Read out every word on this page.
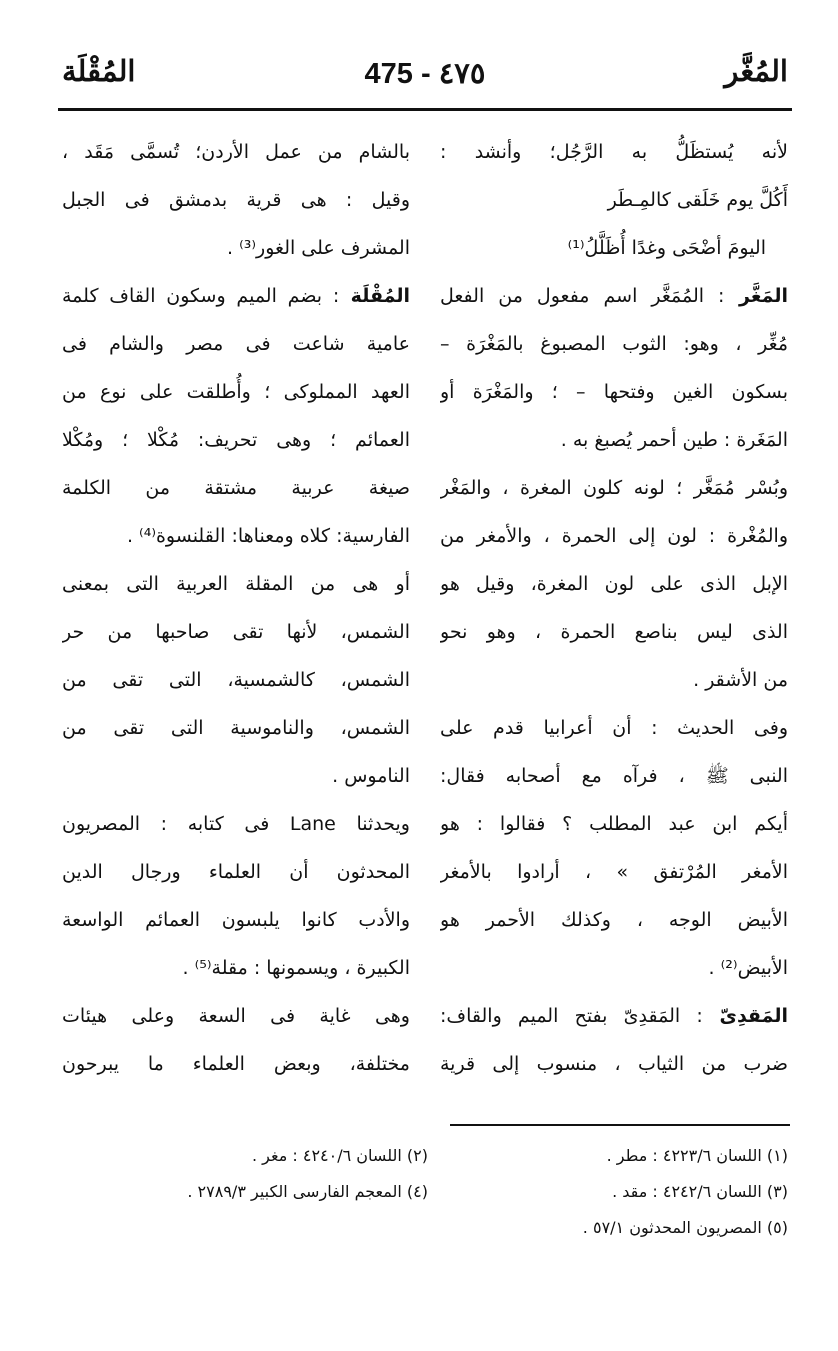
المُغَّر
475 - ٤٧٥
المُقْلَة
لأنه يُستظَلُّ به الرَّجُل؛ وأنشد :
أَكُلَّ يوم خَلَقى كالمِـطَر
اليومَ أضْحَى وغدًا أُظَلَّلُ⁽¹⁾
المَغَّر : المُمَغَّر اسم مفعول من الفعل
مُغِّر ، وهو: الثوب المصبوغ بالمَغْرَة –
بسكون الغين وفتحها – ؛ والمَغْرَة أو
المَغَرة : طين أحمر يُصبغ به .
وبُسْر مُمَغَّر ؛ لونه كلون المغرة ، والمَغْر
والمُغْرة : لون إلى الحمرة ، والأمغر من
الإبل الذى على لون المغرة، وقيل هو
الذى ليس بناصع الحمرة ، وهو نحو
من الأشقر .
وفى الحديث : أن أعرابيا قدم على
النبى ﷺ ، فرآه مع أصحابه فقال:
أيكم ابن عبد المطلب ؟ فقالوا : هو
الأمغر المُرْتفق » ، أرادوا بالأمغر
الأبيض الوجه ، وكذلك الأحمر هو
الأبيض⁽²⁾ .
المَقدِىّ : المَقدِىّ بفتح الميم والقاف:
ضرب من الثياب ، منسوب إلى قرية
بالشام من عمل الأردن؛ تُسمَّى مَقَد ،
وقيل : هى قرية بدمشق فى الجبل
المشرف على الغور⁽³⁾ .
المُقْلَة : بضم الميم وسكون القاف كلمة
عامية شاعت فى مصر والشام فى
العهد المملوكى ؛ وأُطلقت على نوع من
العمائم ؛ وهى تحريف: مُكْلا ؛ ومُكْلا
صيغة عربية مشتقة من الكلمة
الفارسية: كلاه ومعناها: القلنسوة⁽⁴⁾ .
أو هى من المقلة العربية التى بمعنى
الشمس، لأنها تقى صاحبها من حر
الشمس، كالشمسية، التى تقى من
الشمس، والناموسية التى تقى من
الناموس .
ويحدثنا Lane فى كتابه : المصريون
المحدثون أن العلماء ورجال الدين
والأدب كانوا يلبسون العمائم الواسعة
الكبيرة ، ويسمونها : مقلة⁽⁵⁾ .
وهى غاية فى السعة وعلى هيئات
مختلفة، وبعض العلماء ما يبرحون
(١) اللسان ٤٢٢٣/٦ : مطر .
(٢) اللسان ٤٢٤٠/٦ : مغر .
(٣) اللسان ٤٢٤٢/٦ : مقد .
(٤) المعجم الفارسى الكبير ٢٧٨٩/٣ .
(٥) المصريون المحدثون ٥٧/١ .
